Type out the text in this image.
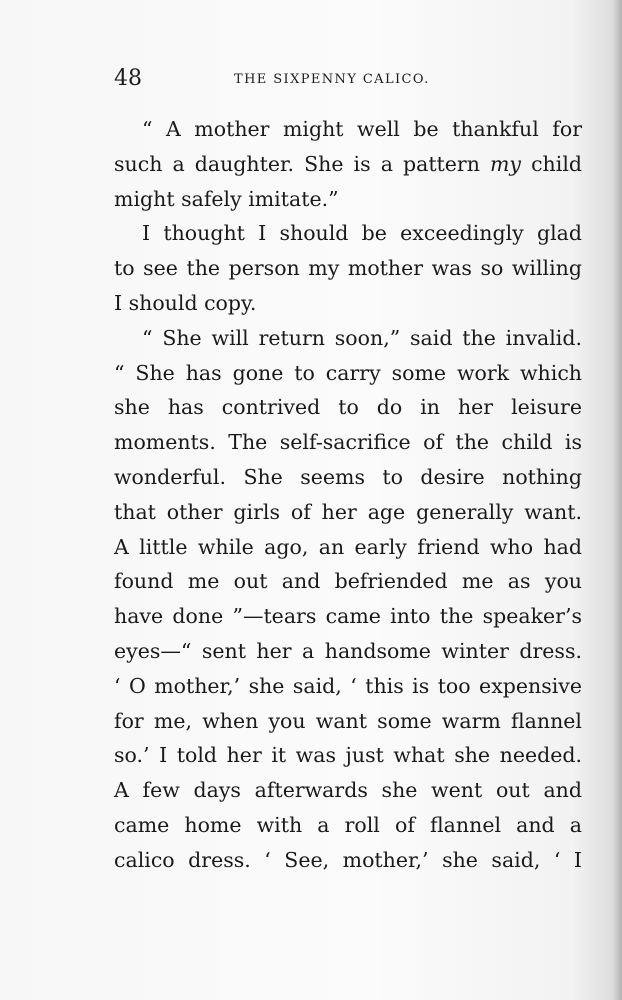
48	THE SIXPENNY CALICO.
“ A mother might well be thankful for
such a daughter. She is a pattern my child
might safely imitate.”
I thought I should be exceedingly glad
to see the person my mother was so willing
I should copy.
“ She will return soon,” said the invalid.
“ She has gone to carry some work which
she has contrived to do in her leisure
moments. The self-sacrifice of the child is
wonderful. She seems to desire nothing
that other girls of her age generally want.
A little while ago, an early friend who had
found me out and befriended me as you
have done ”—tears came into the speaker’s
eyes—“ sent her a handsome winter dress.
‘ O mother,’ she said, ‘ this is too expensive
for me, when you want some warm flannel
so.’ I told her it was just what she needed.
A few days afterwards she went out and
came home with a roll of flannel and a
calico dress. ‘ See, mother,’ she said, ‘ I
